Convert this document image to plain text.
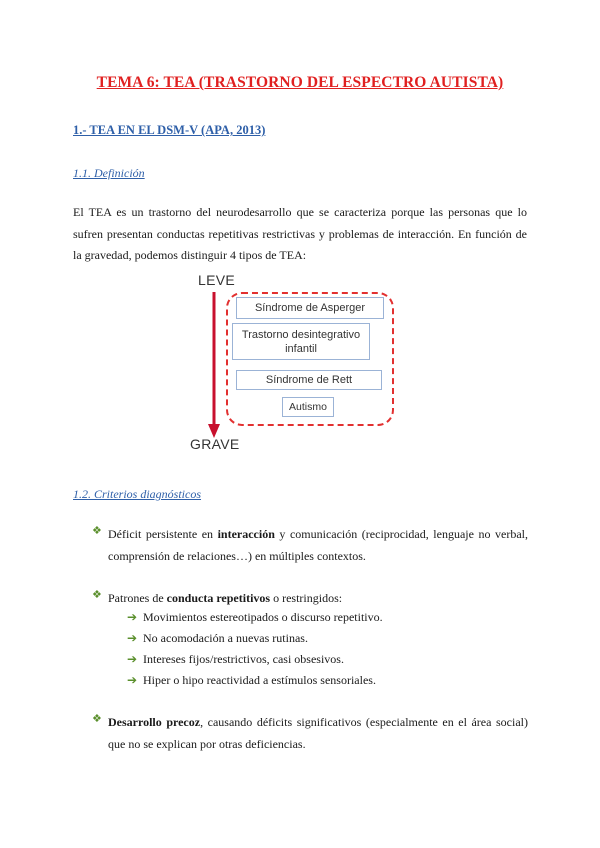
TEMA 6: TEA (TRASTORNO DEL ESPECTRO AUTISTA)
1.- TEA EN EL DSM-V (APA, 2013)
1.1. Definición
El TEA es un trastorno del neurodesarrollo que se caracteriza porque las personas que lo
sufren presentan conductas repetitivas restrictivas y problemas de interacción. En función de
la gravedad, podemos distinguir 4 tipos de TEA:
LEVE
Síndrome de Asperger
Trastorno desintegrativo
infantil
Síndrome de Rett
Autismo
GRAVE
1.2. Criterios diagnósticos
❖ Déficit persistente en interacción y comunicación (reciprocidad, lenguaje no verbal,
comprensión de relaciones…) en múltiples contextos.
❖ Patrones de conducta repetitivos o restringidos:
➔ Movimientos estereotipados o discurso repetitivo.
➔ No acomodación a nuevas rutinas.
➔ Intereses fijos/restrictivos, casi obsesivos.
➔ Hiper o hipo reactividad a estímulos sensoriales.
❖ Desarrollo precoz, causando déficits significativos (especialmente en el área social)
que no se explican por otras deficiencias.
